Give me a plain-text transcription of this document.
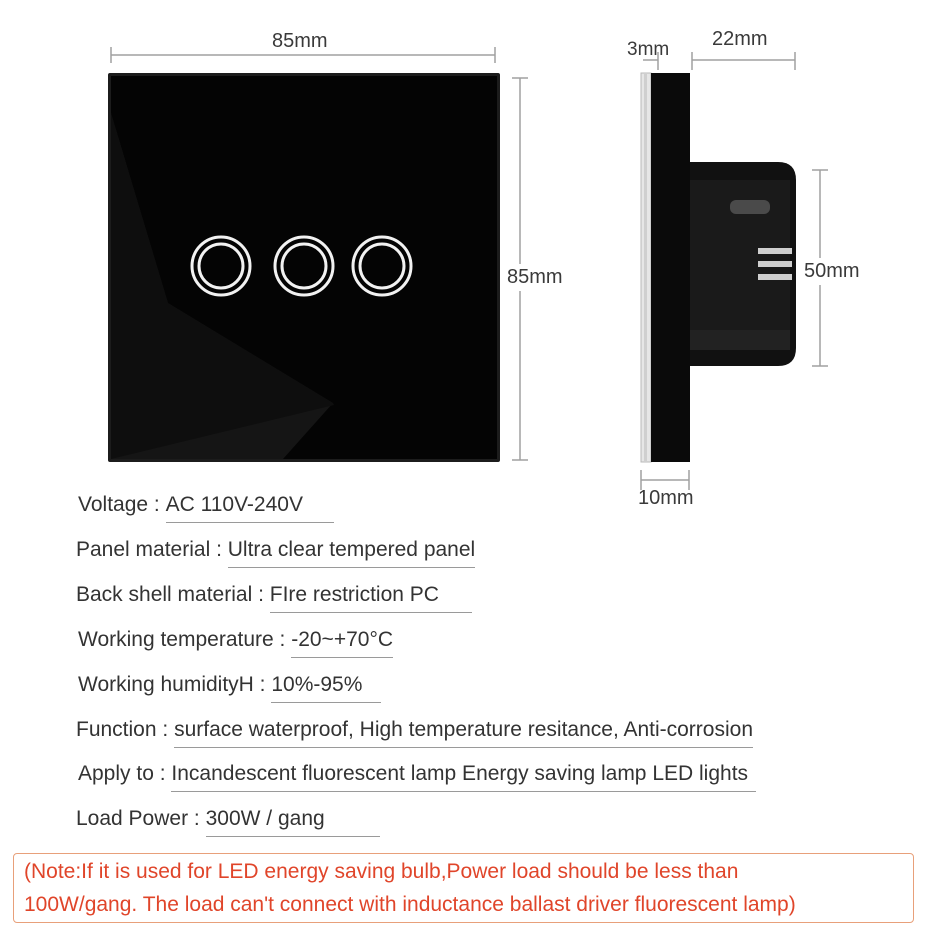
85mm
85mm
3mm 22mm
50mm
10mm
Voltage : AC 110V-240V
Panel material : Ultra clear tempered panel
Back shell material : FIre restriction PC
Working temperature : -20~+70°C
Working humidityH : 10%-95%
Function : surface waterproof, High temperature resitance, Anti-corrosion
Apply to : Incandescent fluorescent lamp Energy saving lamp LED lights
Load Power : 300W / gang
(Note:If it is used for LED energy saving bulb,Power load should be less than
100W/gang. The load can't connect with inductance ballast driver fluorescent lamp)
